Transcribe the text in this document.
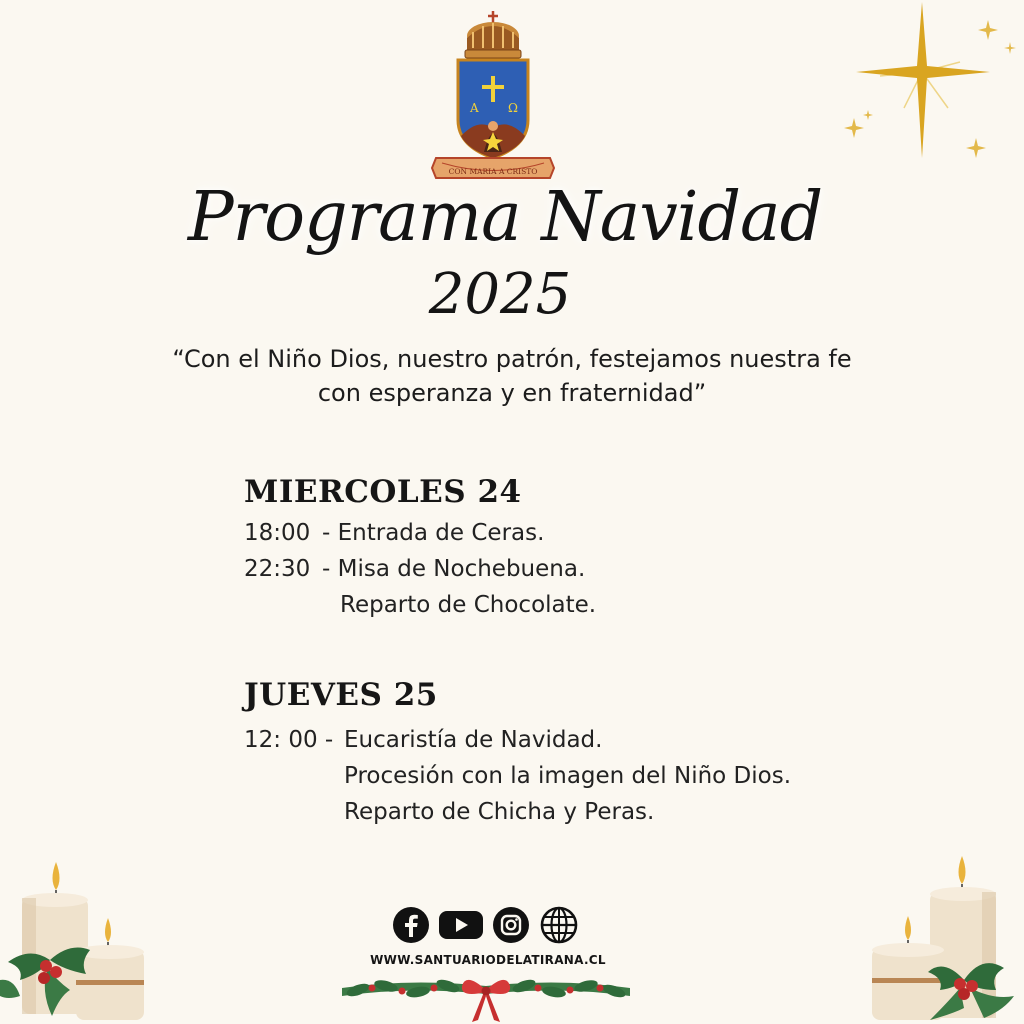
A Ω
CON MARIA A CRISTO
Programa Navidad
2025
“Con el Niño Dios, nuestro patrón, festejamos nuestra fe
con esperanza y en fraternidad”
MIERCOLES 24
18:00 - Entrada de Ceras.
22:30 - Misa de Nochebuena.
Reparto de Chocolate.
JUEVES 25
12: 00 - Eucaristía de Navidad.
Procesión con la imagen del Niño Dios.
Reparto de Chicha y Peras.
WWW.SANTUARIODELATIRANA.CL
